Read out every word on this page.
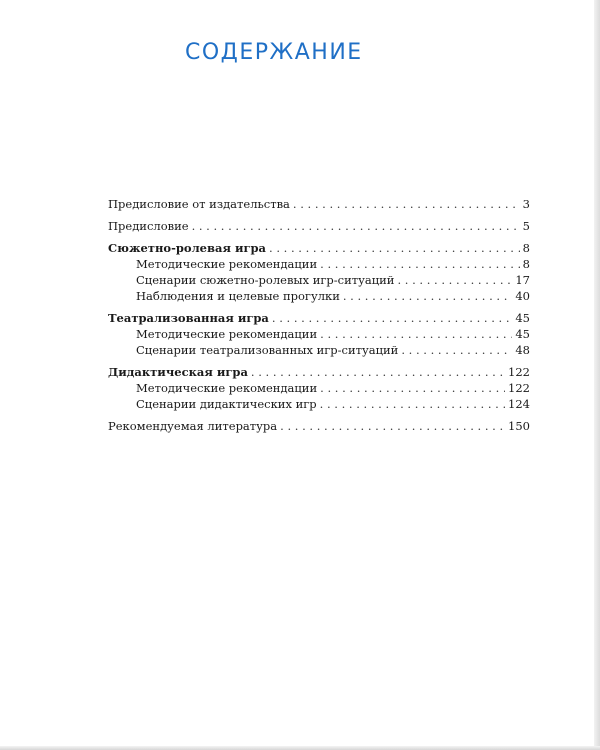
СОДЕРЖАНИЕ
Предисловие от издательства . . .	3
Предисловие . . .	5
Сюжетно-ролевая игра . . .	8
Методические рекомендации . . .	8
Сценарии сюжетно-ролевых игр-ситуаций . . .	17
Наблюдения и целевые прогулки . . .	40
Театрализованная игра . . .	45
Методические рекомендации . . .	45
Сценарии театрализованных игр-ситуаций . . .	48
Дидактическая игра . . .	122
Методические рекомендации . . .	122
Сценарии дидактических игр . . .	124
Рекомендуемая литература . . .	150
